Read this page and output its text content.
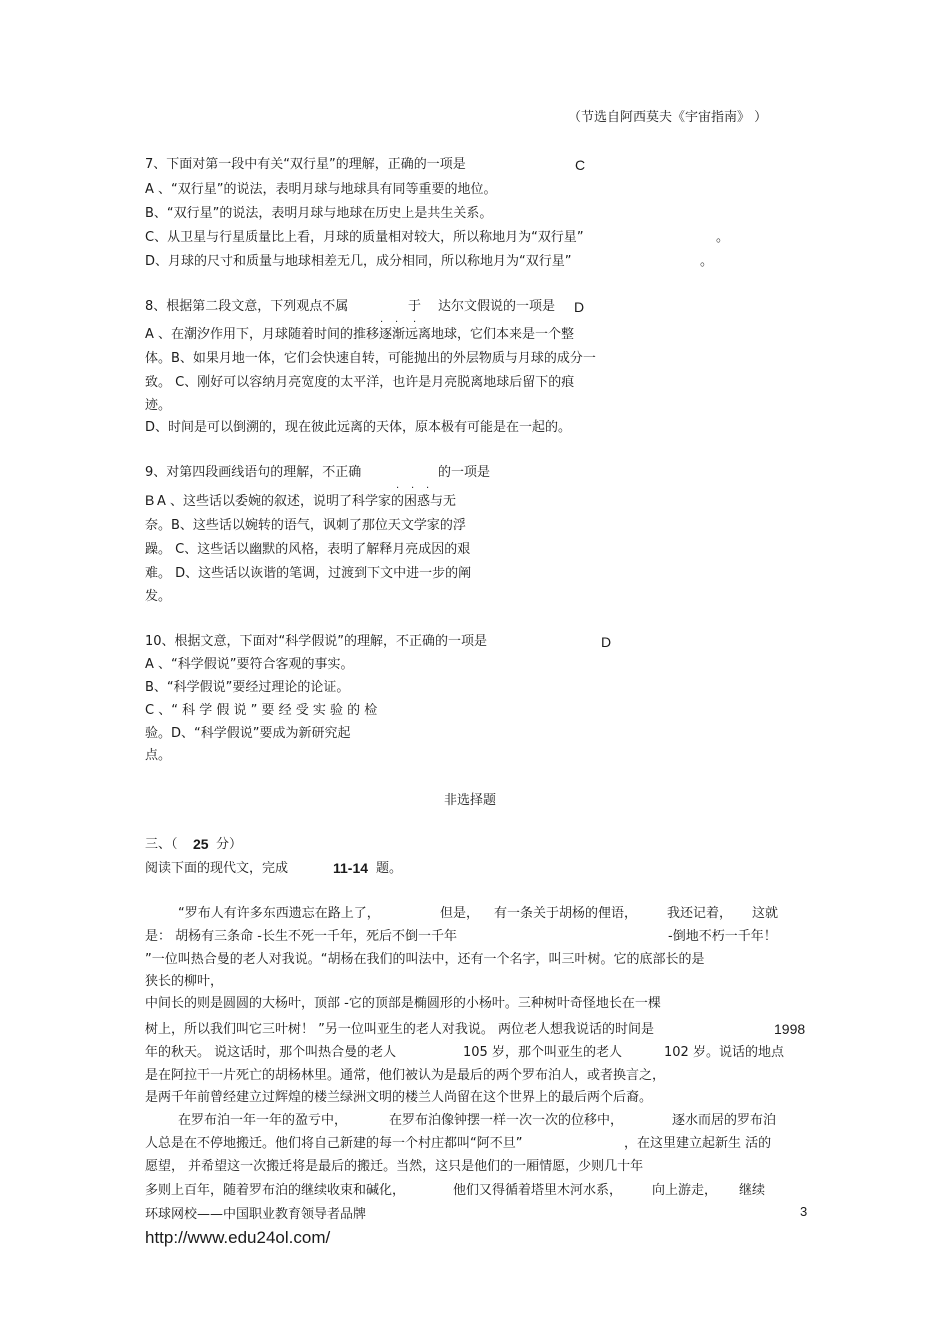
（节选自阿西莫夫《宇宙指南》 ）
7、下面对第一段中有关“双行星”的理解，正确的一项是	C
A 、“双行星”的说法，表明月球与地球具有同等重要的地位。
B、“双行星”的说法，表明月球与地球在历史上是共生关系。
C、从卫星与行星质量比上看，月球的质量相对较大，所以称地月为“双行星”	。
D、月球的尺寸和质量与地球相差无几，成分相同，所以称地月为“双行星”	。
8、根据第二段文意，下列观点不属
. .
于
.
达尔文假说的一项是 D
A 、在潮汐作用下，月球随着时间的推移逐渐远离地球，它们本来是一个整
体。B、如果月地一体，它们会快速自转，可能抛出的外层物质与月球的成分一
致。 C、刚好可以容纳月亮宽度的太平洋，也许是月亮脱离地球后留下的痕
迹。
D、时间是可以倒溯的，现在彼此远离的天体，原本极有可能是在一起的。
9、对第四段画线语句的理解，不正确
. . .
的一项是
B A 、这些话以委婉的叙述，说明了科学家的困惑与无
奈。B、这些话以婉转的语气，讽刺了那位天文学家的浮
躁。 C、这些话以幽默的风格，表明了解释月亮成因的艰
难。 D、这些话以诙谐的笔调，过渡到下文中进一步的阐
发。
10、根据文意，下面对“科学假说”的理解，不正确的一项是	D
A 、“科学假说”要符合客观的事实。
B、“科学假说”要经过理论的论证。
C 、“ 科 学 假 说 ” 要 经 受 实 验 的 检
验。D、“科学假说”要成为新研究起
点。
非选择题
三、（ 25 分）
阅读下面的现代文，完成	11-14 题。
“罗布人有许多东西遗忘在路上了，	但是， 有一条关于胡杨的俚语， 我还记着， 这就
是： 胡杨有三条命 -长生不死一千年，死后不倒一千年	-倒地不朽一千年！
”一位叫热合曼的老人对我说。“胡杨在我们的叫法中，还有一个名字，叫三叶树。它的底部长的是
狭长的柳叶，
中间长的则是圆圆的大杨叶，顶部 -它的顶部是椭圆形的小杨叶。三种树叶奇怪地长在一棵
树上，所以我们叫它三叶树！ ”另一位叫亚生的老人对我说。 两位老人想我说话的时间是	1998
年的秋天。 说这话时，那个叫热合曼的老人	105 岁，那个叫亚生的老人	102 岁。说话的地点
是在阿拉干一片死亡的胡杨林里。通常，他们被认为是最后的两个罗布泊人，或者换言之，
是两千年前曾经建立过辉煌的楼兰绿洲文明的楼兰人尚留在这个世界上的最后两个后裔。
在罗布泊一年一年的盈亏中，	在罗布泊像钟摆一样一次一次的位移中，	逐水而居的罗布泊
人总是在不停地搬迁。他们将自己新建的每一个村庄都叫“阿不旦”	，在这里建立起新生 活的
愿望， 并希望这一次搬迁将是最后的搬迁。当然，这只是他们的一厢情愿，少则几十年
多则上百年，随着罗布泊的继续收束和碱化，	他们又得循着塔里木河水系， 向上游走， 继续
环球网校——中国职业教育领导者品牌	3
http://www.edu24ol.com/
